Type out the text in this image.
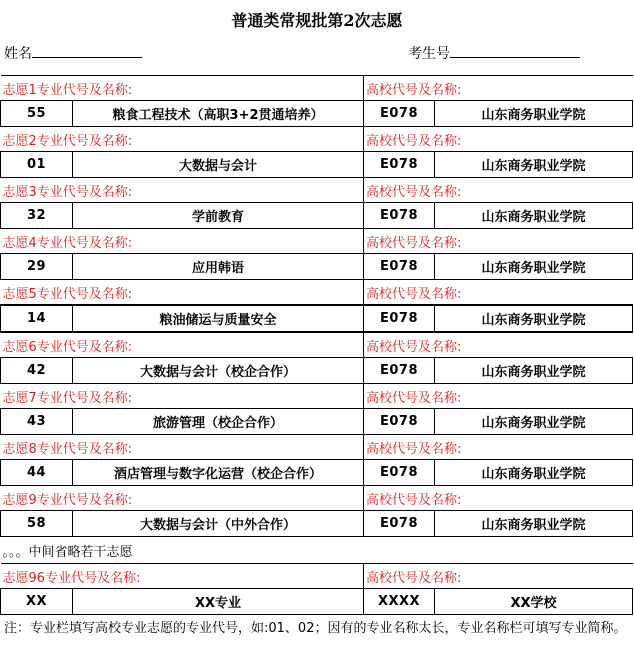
普通类常规批第2次志愿
姓名	考生号
志愿1专业代号及名称:		高校代号及名称:	
55	粮食工程技术（高职3+2贯通培养）	E078	山东商务职业学院
志愿2专业代号及名称:		高校代号及名称:	
01	大数据与会计	E078	山东商务职业学院
志愿3专业代号及名称:		高校代号及名称:	
32	学前教育	E078	山东商务职业学院
志愿4专业代号及名称:		高校代号及名称:	
29	应用韩语	E078	山东商务职业学院
志愿5专业代号及名称:		高校代号及名称:	
14	粮油储运与质量安全	E078	山东商务职业学院
志愿6专业代号及名称:		高校代号及名称:	
42	大数据与会计（校企合作）	E078	山东商务职业学院
志愿7专业代号及名称:		高校代号及名称:	
43	旅游管理（校企合作）	E078	山东商务职业学院
志愿8专业代号及名称:		高校代号及名称:	
44	酒店管理与数字化运营（校企合作）	E078	山东商务职业学院
志愿9专业代号及名称:		高校代号及名称:	
58	大数据与会计（中外合作）	E078	山东商务职业学院
。。。中间省略若干志愿			
志愿96专业代号及名称:		高校代号及名称:	
XX	XX专业	XXXX	XX学校
注：专业栏填写高校专业志愿的专业代号，如:01、02；因有的专业名称太长，专业名称栏可填写专业简称。
